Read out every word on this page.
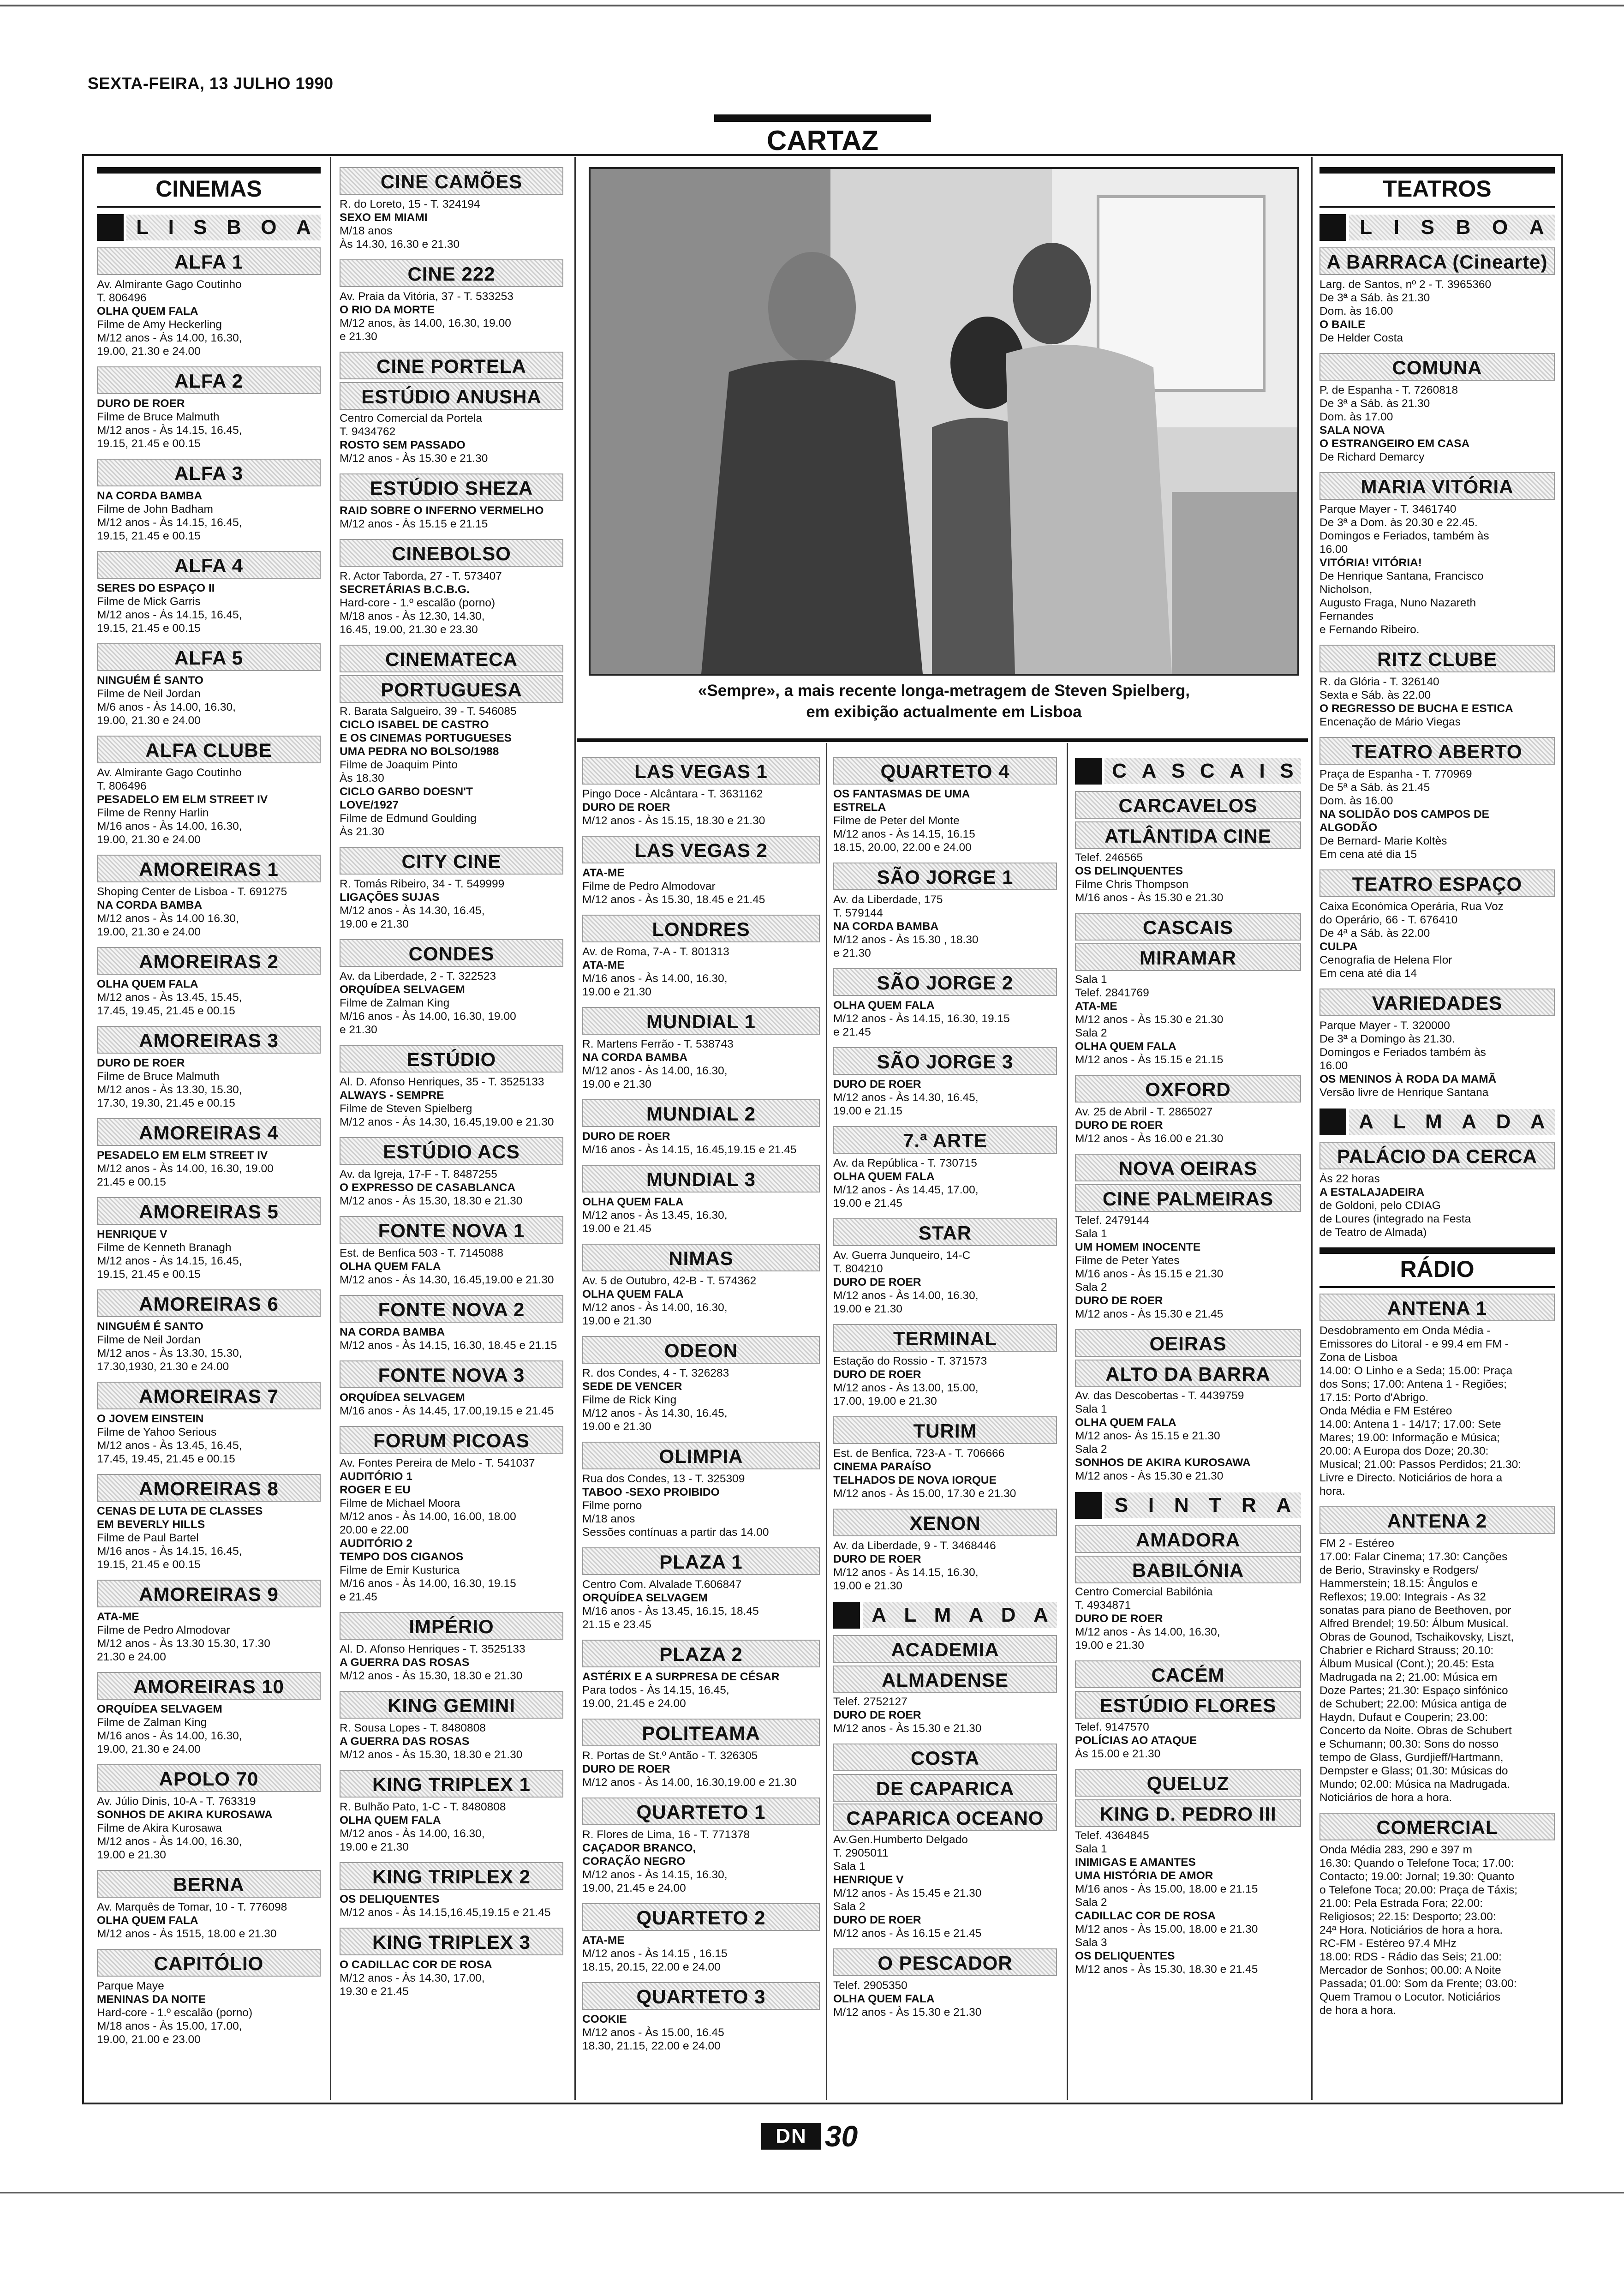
SEXTA-FEIRA, 13 JULHO 1990
CARTAZ
CINEMAS
L I S B O A
ALFA 1
Av. Almirante Gago Coutinho
T. 806496
OLHA QUEM FALA
Filme de Amy Heckerling
M/12 anos - Às 14.00, 16.30,
19.00, 21.30 e 24.00
ALFA 2
DURO DE ROER
Filme de Bruce Malmuth
M/12 anos - Às 14.15, 16.45,
19.15, 21.45 e 00.15
ALFA 3
NA CORDA BAMBA
Filme de John Badham
M/12 anos - Às 14.15, 16.45,
19.15, 21.45 e 00.15
ALFA 4
SERES DO ESPAÇO II
Filme de Mick Garris
M/12 anos - Às 14.15, 16.45,
19.15, 21.45 e 00.15
ALFA 5
NINGUÉM É SANTO
Filme de Neil Jordan
M/6 anos - Às 14.00, 16.30,
19.00, 21.30 e 24.00
ALFA CLUBE
Av. Almirante Gago Coutinho
T. 806496
PESADELO EM ELM STREET IV
Filme de Renny Harlin
M/16 anos - Às 14.00, 16.30,
19.00, 21.30 e 24.00
AMOREIRAS 1
Shoping Center de Lisboa - T. 691275
NA CORDA BAMBA
M/12 anos - Às 14.00 16.30,
19.00, 21.30 e 24.00
AMOREIRAS 2
OLHA QUEM FALA
M/12 anos - Às 13.45, 15.45,
17.45, 19.45, 21.45 e 00.15
AMOREIRAS 3
DURO DE ROER
Filme de Bruce Malmuth
M/12 anos - Às 13.30, 15.30,
17.30, 19.30, 21.45 e 00.15
AMOREIRAS 4
PESADELO EM ELM STREET IV
M/12 anos - Às 14.00, 16.30, 19.00
21.45 e 00.15
AMOREIRAS 5
HENRIQUE V
Filme de Kenneth Branagh
M/12 anos - Às 14.15, 16.45,
19.15, 21.45 e 00.15
AMOREIRAS 6
NINGUÉM É SANTO
Filme de Neil Jordan
M/12 anos - Às 13.30, 15.30,
17.30,1930, 21.30 e 24.00
AMOREIRAS 7
O JOVEM EINSTEIN
Filme de Yahoo Serious
M/12 anos - Às 13.45, 16.45,
17.45, 19.45, 21.45 e 00.15
AMOREIRAS 8
CENAS DE LUTA DE CLASSES
EM BEVERLY HILLS
Filme de Paul Bartel
M/16 anos - Às 14.15, 16.45,
19.15, 21.45 e 00.15
AMOREIRAS 9
ATA-ME
Filme de Pedro Almodovar
M/12 anos - Às 13.30 15.30, 17.30
21.30 e 24.00
AMOREIRAS 10
ORQUÍDEA SELVAGEM
Filme de Zalman King
M/16 anos - Às 14.00, 16.30,
19.00, 21.30 e 24.00
APOLO 70
Av. Júlio Dinis, 10-A - T. 763319
SONHOS DE AKIRA KUROSAWA
Filme de Akira Kurosawa
M/12 anos - Às 14.00, 16.30,
19.00 e 21.30
BERNA
Av. Marquês de Tomar, 10 - T. 776098
OLHA QUEM FALA
M/12 anos - Às 1515, 18.00 e 21.30
CAPITÓLIO
Parque Maye
MENINAS DA NOITE
Hard-core - 1.º escalão (porno)
M/18 anos - Às 15.00, 17.00,
19.00, 21.00 e 23.00
CINE CAMÕES
R. do Loreto, 15 - T. 324194
SEXO EM MIAMI
M/18 anos
Às 14.30, 16.30 e 21.30
CINE 222
Av. Praia da Vitória, 37 - T. 533253
O RIO DA MORTE
M/12 anos, às 14.00, 16.30, 19.00
e 21.30
CINE PORTELA
ESTÚDIO ANUSHA
Centro Comercial da Portela
T. 9434762
ROSTO SEM PASSADO
M/12 anos - Às 15.30 e 21.30
ESTÚDIO SHEZA
RAID SOBRE O INFERNO VERMELHO
M/12 anos - Às 15.15 e 21.15
CINEBOLSO
R. Actor Taborda, 27 - T. 573407
SECRETÁRIAS B.C.B.G.
Hard-core - 1.º escalão (porno)
M/18 anos - Às 12.30, 14.30,
16.45, 19.00, 21.30 e 23.30
CINEMATECA
PORTUGUESA
R. Barata Salgueiro, 39 - T. 546085
CICLO ISABEL DE CASTRO
E OS CINEMAS PORTUGUESES
UMA PEDRA NO BOLSO/1988
Filme de Joaquim Pinto
Às 18.30
CICLO GARBO DOESN'T
LOVE/1927
Filme de Edmund Goulding
Às 21.30
CITY CINE
R. Tomás Ribeiro, 34 - T. 549999
LIGAÇÕES SUJAS
M/12 anos - Às 14.30, 16.45,
19.00 e 21.30
CONDES
Av. da Liberdade, 2 - T. 322523
ORQUÍDEA SELVAGEM
Filme de Zalman King
M/16 anos - Às 14.00, 16.30, 19.00
e 21.30
ESTÚDIO
Al. D. Afonso Henriques, 35 - T. 3525133
ALWAYS - SEMPRE
Filme de Steven Spielberg
M/12 anos - Às 14.30, 16.45,19.00 e 21.30
ESTÚDIO ACS
Av. da Igreja, 17-F - T. 8487255
O EXPRESSO DE CASABLANCA
M/12 anos - Às 15.30, 18.30 e 21.30
FONTE NOVA 1
Est. de Benfica 503 - T. 7145088
OLHA QUEM FALA
M/12 anos - Às 14.30, 16.45,19.00 e 21.30
FONTE NOVA 2
NA CORDA BAMBA
M/12 anos - Às 14.15, 16.30, 18.45 e 21.15
FONTE NOVA 3
ORQUÍDEA SELVAGEM
M/16 anos - Às 14.45, 17.00,19.15 e 21.45
FORUM PICOAS
Av. Fontes Pereira de Melo - T. 541037
AUDITÓRIO 1
ROGER E EU
Filme de Michael Moora
M/12 anos - Às 14.00, 16.00, 18.00
20.00 e 22.00
AUDITÓRIO 2
TEMPO DOS CIGANOS
Filme de Emir Kusturica
M/16 anos - Às 14.00, 16.30, 19.15
e 21.45
IMPÉRIO
Al. D. Afonso Henriques - T. 3525133
A GUERRA DAS ROSAS
M/12 anos - Às 15.30, 18.30 e 21.30
KING GEMINI
R. Sousa Lopes - T. 8480808
A GUERRA DAS ROSAS
M/12 anos - Às 15.30, 18.30 e 21.30
KING TRIPLEX 1
R. Bulhão Pato, 1-C - T. 8480808
OLHA QUEM FALA
M/12 anos - Às 14.00, 16.30,
19.00 e 21.30
KING TRIPLEX 2
OS DELIQUENTES
M/12 anos - Às 14.15,16.45,19.15 e 21.45
KING TRIPLEX 3
O CADILLAC COR DE ROSA
M/12 anos - Às 14.30, 17.00,
19.30 e 21.45
«Sempre», a mais recente longa-metragem de Steven Spielberg,
em exibição actualmente em Lisboa
LAS VEGAS 1
Pingo Doce - Alcântara - T. 3631162
DURO DE ROER
M/12 anos - Às 15.15, 18.30 e 21.30
LAS VEGAS 2
ATA-ME
Filme de Pedro Almodovar
M/12 anos - Às 15.30, 18.45 e 21.45
LONDRES
Av. de Roma, 7-A - T. 801313
ATA-ME
M/16 anos - Às 14.00, 16.30,
19.00 e 21.30
MUNDIAL 1
R. Martens Ferrão - T. 538743
NA CORDA BAMBA
M/12 anos - Às 14.00, 16.30,
19.00 e 21.30
MUNDIAL 2
DURO DE ROER
M/16 anos - Às 14.15, 16.45,19.15 e 21.45
MUNDIAL 3
OLHA QUEM FALA
M/12 anos - Às 13.45, 16.30,
19.00 e 21.45
NIMAS
Av. 5 de Outubro, 42-B - T. 574362
OLHA QUEM FALA
M/12 anos - Às 14.00, 16.30,
19.00 e 21.30
ODEON
R. dos Condes, 4 - T. 326283
SEDE DE VENCER
Filme de Rick King
M/12 anos - Às 14.30, 16.45,
19.00 e 21.30
OLIMPIA
Rua dos Condes, 13 - T. 325309
TABOO -SEXO PROIBIDO
Filme porno
M/18 anos
Sessões contínuas a partir das 14.00
PLAZA 1
Centro Com. Alvalade T.606847
ORQUÍDEA SELVAGEM
M/16 anos - Às 13.45, 16.15, 18.45
21.15 e 23.45
PLAZA 2
ASTÉRIX E A SURPRESA DE CÉSAR
Para todos - Às 14.15, 16.45,
19.00, 21.45 e 24.00
POLITEAMA
R. Portas de St.º Antão - T. 326305
DURO DE ROER
M/12 anos - Às 14.00, 16.30,19.00 e 21.30
QUARTETO 1
R. Flores de Lima, 16 - T. 771378
CAÇADOR BRANCO,
CORAÇÃO NEGRO
M/12 anos - Às 14.15, 16.30,
19.00, 21.45 e 24.00
QUARTETO 2
ATA-ME
M/12 anos - Às 14.15 , 16.15
18.15, 20.15, 22.00 e 24.00
QUARTETO 3
COOKIE
M/12 anos - Às 15.00, 16.45
18.30, 21.15, 22.00 e 24.00
QUARTETO 4
OS FANTASMAS DE UMA
ESTRELA
Filme de Peter del Monte
M/12 anos - Às 14.15, 16.15
18.15, 20.00, 22.00 e 24.00
SÃO JORGE 1
Av. da Liberdade, 175
T. 579144
NA CORDA BAMBA
M/12 anos - Às 15.30 , 18.30
e 21.30
SÃO JORGE 2
OLHA QUEM FALA
M/12 anos - Às 14.15, 16.30, 19.15
e 21.45
SÃO JORGE 3
DURO DE ROER
M/12 anos - Às 14.30, 16.45,
19.00 e 21.15
7.ª ARTE
Av. da República - T. 730715
OLHA QUEM FALA
M/12 anos - Às 14.45, 17.00,
19.00 e 21.45
STAR
Av. Guerra Junqueiro, 14-C
T. 804210
DURO DE ROER
M/12 anos - Às 14.00, 16.30,
19.00 e 21.30
TERMINAL
Estação do Rossio - T. 371573
DURO DE ROER
M/12 anos - Às 13.00, 15.00,
17.00, 19.00 e 21.30
TURIM
Est. de Benfica, 723-A - T. 706666
CINEMA PARAÍSO
TELHADOS DE NOVA IORQUE
M/12 anos - Às 15.00, 17.30 e 21.30
XENON
Av. da Liberdade, 9 - T. 3468446
DURO DE ROER
M/12 anos - Às 14.15, 16.30,
19.00 e 21.30
A L M A D A
ACADEMIA
ALMADENSE
Telef. 2752127
DURO DE ROER
M/12 anos - Às 15.30 e 21.30
COSTA
DE CAPARICA
CAPARICA OCEANO
Av.Gen.Humberto Delgado
T. 2905011
Sala 1
HENRIQUE V
M/12 anos - Às 15.45 e 21.30
Sala 2
DURO DE ROER
M/12 anos - Às 16.15 e 21.45
O PESCADOR
Telef. 2905350
OLHA QUEM FALA
M/12 anos - Às 15.30 e 21.30
C A S C A I S
CARCAVELOS
ATLÂNTIDA CINE
Telef. 246565
OS DELINQUENTES
Filme Chris Thompson
M/16 anos - Às 15.30 e 21.30
CASCAIS
MIRAMAR
Sala 1
Telef. 2841769
ATA-ME
M/12 anos - Às 15.30 e 21.30
Sala 2
OLHA QUEM FALA
M/12 anos - Às 15.15 e 21.15
OXFORD
Av. 25 de Abril - T. 2865027
DURO DE ROER
M/12 anos - Às 16.00 e 21.30
NOVA OEIRAS
CINE PALMEIRAS
Telef. 2479144
Sala 1
UM HOMEM INOCENTE
Filme de Peter Yates
M/16 anos - Às 15.15 e 21.30
Sala 2
DURO DE ROER
M/12 anos - Às 15.30 e 21.45
OEIRAS
ALTO DA BARRA
Av. das Descobertas - T. 4439759
Sala 1
OLHA QUEM FALA
M/12 anos- Às 15.15 e 21.30
Sala 2
SONHOS DE AKIRA KUROSAWA
M/12 anos - Às 15.30 e 21.30
S I N T R A
AMADORA
BABILÓNIA
Centro Comercial Babilónia
T. 4934871
DURO DE ROER
M/12 anos - Às 14.00, 16.30,
19.00 e 21.30
CACÉM
ESTÚDIO FLORES
Telef. 9147570
POLÍCIAS AO ATAQUE
Às 15.00 e 21.30
QUELUZ
KING D. PEDRO III
Telef. 4364845
Sala 1
INIMIGAS E AMANTES
UMA HISTÓRIA DE AMOR
M/16 anos - Às 15.00, 18.00 e 21.15
Sala 2
CADILLAC COR DE ROSA
M/12 anos - Às 15.00, 18.00 e 21.30
Sala 3
OS DELIQUENTES
M/12 anos - Às 15.30, 18.30 e 21.45
TEATROS
L I S B O A
A BARRACA (Cinearte)
Larg. de Santos, nº 2 - T. 3965360
De 3ª a Sáb. às 21.30
Dom. às 16.00
O BAILE
De Helder Costa
COMUNA
P. de Espanha - T. 7260818
De 3ª a Sáb. às 21.30
Dom. às 17.00
SALA NOVA
O ESTRANGEIRO EM CASA
De Richard Demarcy
MARIA VITÓRIA
Parque Mayer - T. 3461740
De 3ª a Dom. às 20.30 e 22.45.
Domingos e Feriados, também às
16.00
VITÓRIA! VITÓRIA!
De Henrique Santana, Francisco
Nicholson,
Augusto Fraga, Nuno Nazareth
Fernandes
e Fernando Ribeiro.
RITZ CLUBE
R. da Glória - T. 326140
Sexta e Sáb. às 22.00
O REGRESSO DE BUCHA E ESTICA
Encenação de Mário Viegas
TEATRO ABERTO
Praça de Espanha - T. 770969
De 5ª a Sáb. às 21.45
Dom. às 16.00
NA SOLIDÃO DOS CAMPOS DE
ALGODÃO
De Bernard- Marie Koltès
Em cena até dia 15
TEATRO ESPAÇO
Caixa Económica Operária, Rua Voz
do Operário, 66 - T. 676410
De 4ª a Sáb. às 22.00
CULPA
Cenografia de Helena Flor
Em cena até dia 14
VARIEDADES
Parque Mayer - T. 320000
De 3ª a Domingo às 21.30.
Domingos e Feriados também às
16.00
OS MENINOS À RODA DA MAMÃ
Versão livre de Henrique Santana
A L M A D A
PALÁCIO DA CERCA
Às 22 horas
A ESTALAJADEIRA
de Goldoni, pelo CDIAG
de Loures (integrado na Festa
de Teatro de Almada)
RÁDIO
ANTENA 1
Desdobramento em Onda Média -
Emissores do Litoral - e 99.4 em FM -
Zona de Lisboa
14.00: O Linho e a Seda; 15.00: Praça
dos Sons; 17.00: Antena 1 - Regiões;
17.15: Porto d'Abrigo.
Onda Média e FM Estéreo
14.00: Antena 1 - 14/17; 17.00: Sete
Mares; 19.00: Informação e Música;
20.00: A Europa dos Doze; 20.30:
Musical; 21.00: Passos Perdidos; 21.30:
Livre e Directo. Noticiários de hora a
hora.
ANTENA 2
FM 2 - Estéreo
17.00: Falar Cinema; 17.30: Canções
de Berio, Stravinsky e Rodgers/
Hammerstein; 18.15: Ângulos e
Reflexos; 19.00: Integrais - As 32
sonatas para piano de Beethoven, por
Alfred Brendel; 19.50: Álbum Musical.
Obras de Gounod, Tschaikovsky, Liszt,
Chabrier e Richard Strauss; 20.10:
Álbum Musical (Cont.); 20.45: Esta
Madrugada na 2; 21.00: Música em
Doze Partes; 21.30: Espaço sinfónico
de Schubert; 22.00: Música antiga de
Haydn, Dufaut e Couperin; 23.00:
Concerto da Noite. Obras de Schubert
e Schumann; 00.30: Sons do nosso
tempo de Glass, Gurdjieff/Hartmann,
Dempster e Glass; 01.30: Músicas do
Mundo; 02.00: Música na Madrugada.
Noticiários de hora a hora.
COMERCIAL
Onda Média 283, 290 e 397 m
16.30: Quando o Telefone Toca; 17.00:
Contacto; 19.00: Jornal; 19.30: Quanto
o Telefone Toca; 20.00: Praça de Táxis;
21.00: Pela Estrada Fora; 22.00:
Religiosos; 22.15: Desporto; 23.00:
24ª Hora. Noticiários de hora a hora.
RC-FM - Estéreo 97.4 MHz
18.00: RDS - Rádio das Seis; 21.00:
Mercador de Sonhos; 00.00: A Noite
Passada; 01.00: Som da Frente; 03.00:
Quem Tramou o Locutor. Noticiários
de hora a hora.
DN 30
